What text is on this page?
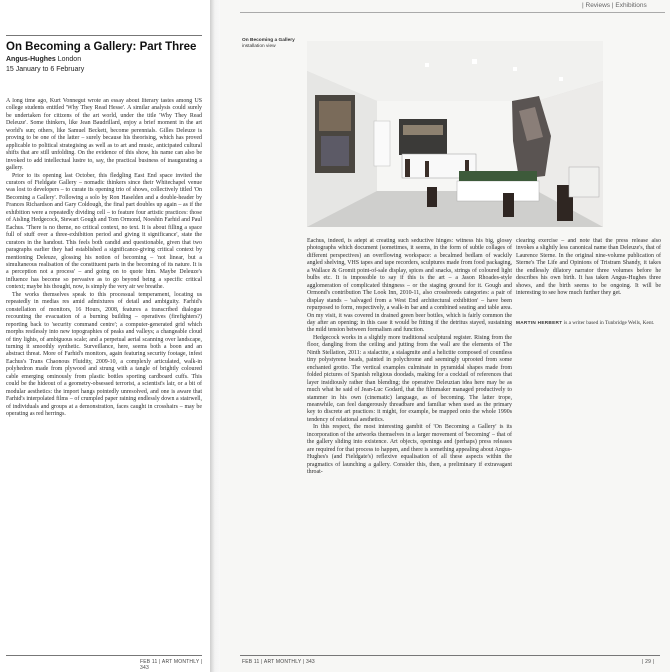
On Becoming a Gallery: Part Three
Angus-Hughes London
15 January to 6 February

A long time ago, Kurt Vonnegut wrote an essay about literary tastes among US college students entitled 'Why They Read Hesse'. A similar analysis could surely be undertaken for citizens of the art world, under the title 'Why They Read Deleuze'. Some thinkers, like Jean Baudrillard, enjoy a brief moment in the art world's sun; others, like Samuel Beckett, become perennials. Gilles Deleuze is proving to be one of the latter – surely because his theorising, which has proved applicable to political strategising as well as to art and music, anticipated cultural shifts that are still unfolding. On the evidence of this show, his name can also be invoked to add intellectual lustre to, say, the practical business of inaugurating a gallery.

Prior to its opening last October, this fledgling East End space invited the curators of Fieldgate Gallery – nomadic thinkers since their Whitechapel venue was lost to developers – to curate its opening trio of shows, collectively titled 'On Becoming a Gallery'. Following a solo by Ron Haselden and a double-header by Frances Richardson and Gary Coldough, the final part doubles up again – as if the exhibition were a repeatedly dividing cell – to feature four artistic practices: those of Aisling Hedgecock, Stewart Gough and Tom Ormond, Noeshin Farhid and Paul Eachus. 'There is no theme, no critical context, no text. It is about filling a space full of stuff over a three-exhibition period and giving it significance', state the curators in the handout. This feels both candid and questionable, given that two paragraphs earlier they had established a significance-giving critical context by mentioning Deleuze, glossing his notion of becoming – 'not linear, but a simultaneous realisation of the constituent parts in the becoming of its nature. It is a perception not a process' – and going on to quote him. Maybe Deleuze's influence has become so pervasive as to go beyond being a specific critical context; maybe his thought, now, is simply the very air we breathe.

The works themselves speak to this processual temperament, locating us repeatedly in medias res amid admixtures of detail and ambiguity. Farhid's constellation of monitors, 16 Hours, 2008, features a transcribed dialogue recounting the evacuation of a burning building – operatives (firefighters?) reporting back to 'security command centre'; a computer-generated grid which morphs restlessly into new topographies of peaks and valleys; a changeable cloud of tiny lights, of ambiguous scale; and a perpetual aerial scanning over landscape, turning it smoothly synthetic. Surveillance, here, seems both a boon and an abstract threat. More of Farhid's monitors, again featuring security footage, infest Eachus's Trans Chaonous Fluidity, 2009-10, a complexly articulated, walk-in polyhedron made from plywood and strung with a tangle of brightly coloured cable emerging ominously from plastic bottles sporting cardboard cuffs. This could be the hideout of a geometry-obsessed terrorist, a scientist's lair, or a bit of modular aesthetics: the import hangs pointedly unresolved, and one is aware that Farhid's interpolated films – of crumpled paper raining endlessly down a stairwell, of individuals and groups at a demonstration, faces caught in crosshairs – may be operating as red herrings.

FEB 11 | ART MONTHLY | 343
| Reviews | Exhibitions
On Becoming a Gallery
installation view

Eachus, indeed, is adept at creating such seductive hinges: witness his big, glossy photographs which document (sometimes, it seems, in the form of subtle collages of different perspectives) an overflowing workspace: a becalmed bedlam of wackily angled shelving, VHS tapes and tape recorders, sculptures made from food packaging, a Wallace & Gromit point-of-sale display, spices and snacks, strings of coloured light bulbs etc. It is impossible to say if this is the art – a Jason Rhoades-style agglomeration of complicated thingness – or the staging ground for it. Gough and Ormond's contribution The Look Inn, 2010-11, also crossbreeds categories: a pair of display stands – 'salvaged from a West End architectural exhibition' – have been repurposed to form, respectively, a walk-in bar and a combined seating and table area. On my visit, it was covered in drained green beer bottles, which is fairly common the day after an opening; in this case it would be fitting if the detritus stayed, sustaining the mild tension between formalism and function.

Hedgecock works in a slightly more traditional sculptural register. Rising from the floor, dangling from the ceiling and jutting from the wall are the elements of The Ninth Stellation, 2011: a stalactite, a stalagmite and a helictite composed of countless tiny polystyrene beads, painted in polychrome and seemingly uprooted from some enchanted grotto. The vertical examples culminate in pyramidal shapes made from folded pictures of Spanish religious doodads, making for a cocktail of references that layer insidiously rather than blending; the operative Deleuzian idea here may be as much what he said of Jean-Luc Godard, that the filmmaker managed productively to stammer in his own (cinematic) language, as of becoming. The latter trope, meanwhile, can feel dangerously threadbare and familiar when used as the primary key to discrete art practices: it might, for example, be mapped onto the whole 1990s tendency of relational aesthetics.

In this respect, the most interesting gambit of 'On Becoming a Gallery' is its incorporation of the artworks themselves in a larger movement of 'becoming' – that of the gallery sliding into existence. Art objects, openings and (perhaps) press releases are required for that process to happen, and there is something appealing about Angus-Hughes's (and Fieldgate's) reflexive equalisation of all these aspects within the pragmatics of launching a gallery. Consider this, then, a preliminary if extravagant throat-

clearing exercise – and note that the press release also invokes a slightly less canonical name than Deleuze's, that of Laurence Sterne. In the original nine-volume publication of Sterne's The Life and Opinions of Tristram Shandy, it takes the endlessly dilatory narrator three volumes before he describes his own birth. It has taken Angus-Hughes three shows, and the birth seems to be ongoing. It will be interesting to see how much further they get.

MARTIN HERBERT is a writer based in Tunbridge Wells, Kent.
FEB 11 | ART MONTHLY | 343	| 29 |
